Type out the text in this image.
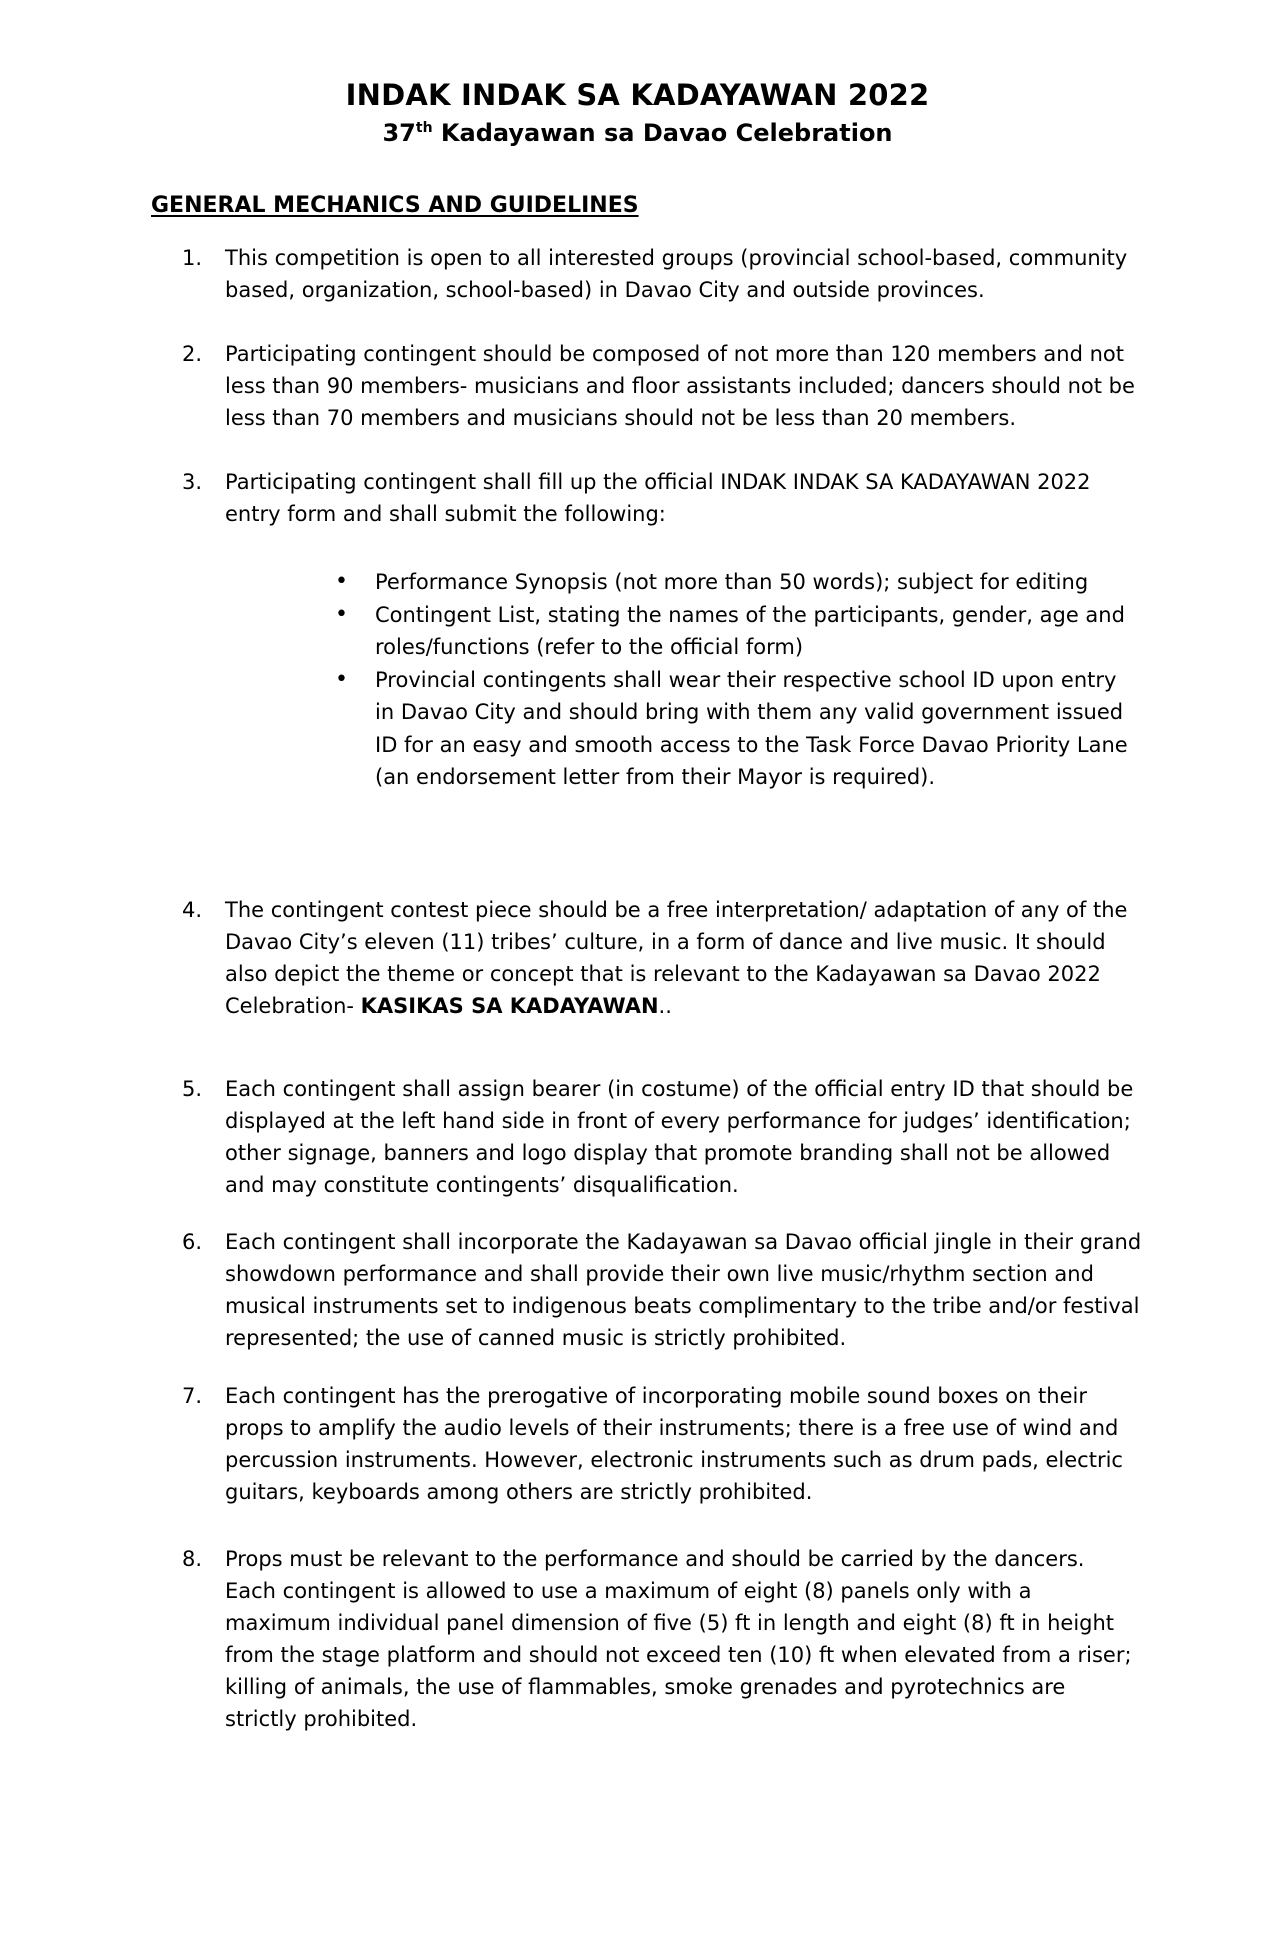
INDAK INDAK SA KADAYAWAN 2022
37th Kadayawan sa Davao Celebration
GENERAL MECHANICS AND GUIDELINES
1.	This competition is open to all interested groups (provincial school-based, community based, organization, school-based) in Davao City and outside provinces.
2.	Participating contingent should be composed of not more than 120 members and not less than 90 members- musicians and floor assistants included; dancers should not be less than 70 members and musicians should not be less than 20 members.
3.	Participating contingent shall fill up the official INDAK INDAK SA KADAYAWAN 2022 entry form and shall submit the following:
•	Performance Synopsis (not more than 50 words); subject for editing
•	Contingent List, stating the names of the participants, gender, age and roles/functions (refer to the official form)
•	Provincial contingents shall wear their respective school ID upon entry in Davao City and should bring with them any valid government issued ID for an easy and smooth access to the Task Force Davao Priority Lane (an endorsement letter from their Mayor is required).
4.	The contingent contest piece should be a free interpretation/ adaptation of any of the Davao City’s eleven (11) tribes’ culture, in a form of dance and live music. It should also depict the theme or concept that is relevant to the Kadayawan sa Davao 2022 Celebration- KASIKAS SA KADAYAWAN..
5.	Each contingent shall assign bearer (in costume) of the official entry ID that should be displayed at the left hand side in front of every performance for judges’ identification; other signage, banners and logo display that promote branding shall not be allowed and may constitute contingents’ disqualification.
6.	Each contingent shall incorporate the Kadayawan sa Davao official jingle in their grand showdown performance and shall provide their own live music/rhythm section and musical instruments set to indigenous beats complimentary to the tribe and/or festival represented; the use of canned music is strictly prohibited.
7.	Each contingent has the prerogative of incorporating mobile sound boxes on their props to amplify the audio levels of their instruments; there is a free use of wind and percussion instruments. However, electronic instruments such as drum pads, electric guitars, keyboards among others are strictly prohibited.
8.	Props must be relevant to the performance and should be carried by the dancers. Each contingent is allowed to use a maximum of eight (8) panels only with a maximum individual panel dimension of five (5) ft in length and eight (8) ft in height from the stage platform and should not exceed ten (10) ft when elevated from a riser; killing of animals, the use of flammables, smoke grenades and pyrotechnics are strictly prohibited.
